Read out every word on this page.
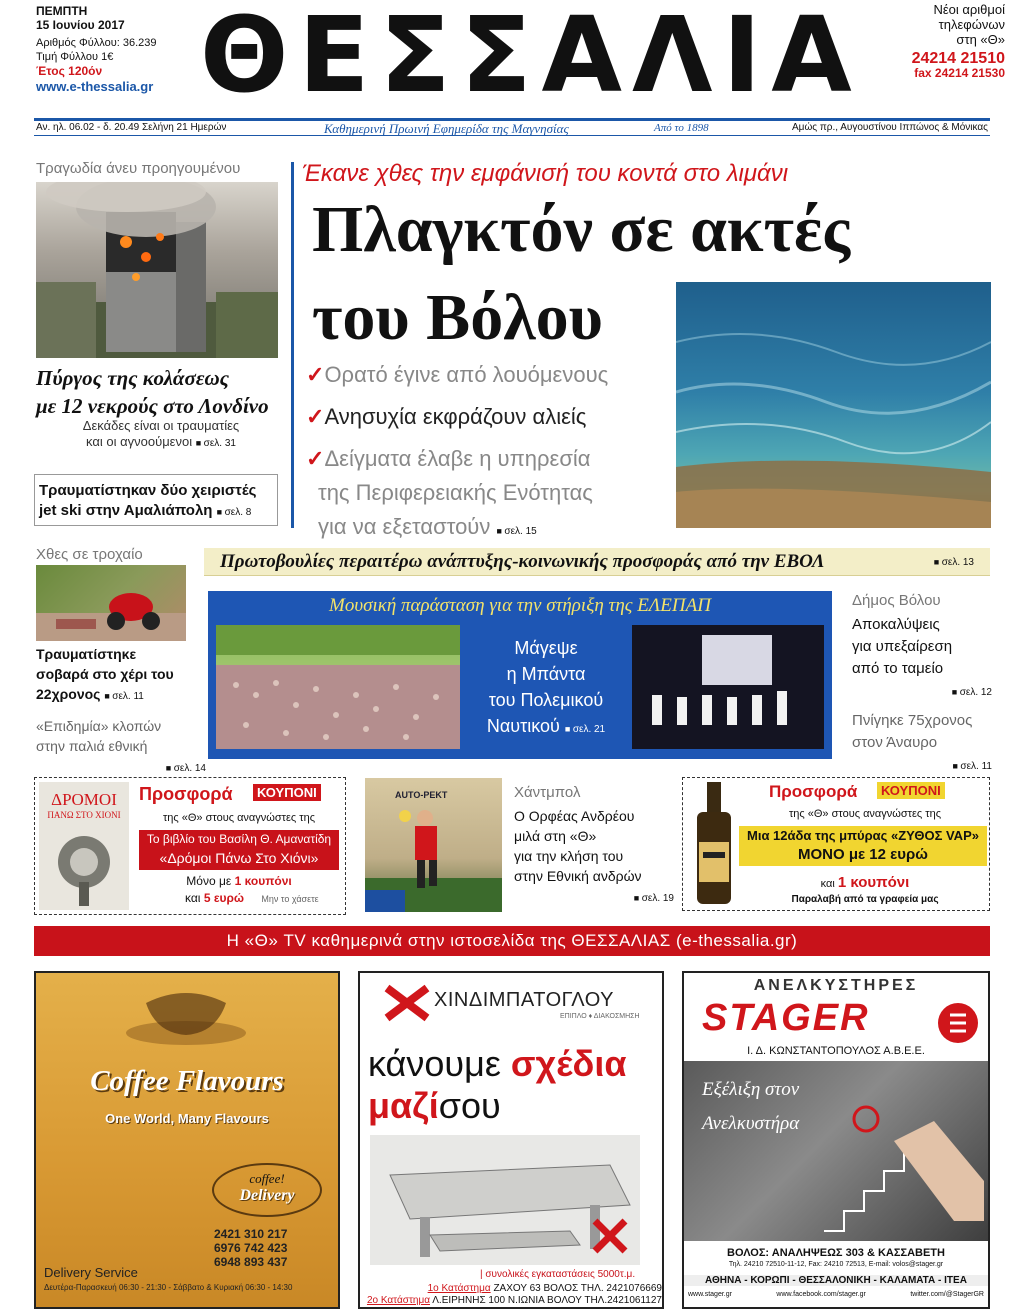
ΠΕΜΠΤΗ
15 Ιουνίου 2017
Αριθμός Φύλλου: 36.239
Τιμή Φύλλου 1€
Έτος 120όν
www.e-thessalia.gr ΘΕΣΣΑΛΙΑ	Νέοι αριθμοί
τηλεφώνων
στη «Θ»
24214 21510
fax 24214 21530
Αν. ηλ. 06.02 - δ. 20.49 Σελήνη 21 Ημερών	Καθημερινή Πρωινή Εφημερίδα της Μαγνησίας	Από το 1898	Αμώς πρ., Αυγουστίνου Ιππώνος & Μόνικας
Τραγωδία άνευ προηγουμένου
Πύργος της κολάσεως
με 12 νεκρούς στο Λονδίνο
Δεκάδες είναι οι τραυματίες
και οι αγνοούμενοι ■ σελ. 31
Τραυματίστηκαν δύο χειριστές
jet ski στην Αμαλιάπολη ■ σελ. 8
Έκανε χθες την εμφάνισή του κοντά στο λιμάνι
Πλαγκτόν σε ακτές
του Βόλου
✓Ορατό έγινε από λουόμενους
✓Ανησυχία εκφράζουν αλιείς
✓Δείγματα έλαβε η υπηρεσία
της Περιφερειακής Ενότητας
για να εξεταστούν ■ σελ. 15
Χθες σε τροχαίο
Τραυματίστηκε
σοβαρά στο χέρι του
22χρονος ■ σελ. 11
«Επιδημία» κλοπών
στην παλιά εθνική
■ σελ. 14
Πρωτοβουλίες περαιτέρω ανάπτυξης-κοινωνικής προσφοράς από την ΕΒΟΛ	■ σελ. 13
Μουσική παράσταση για την στήριξη της ΕΛΕΠΑΠ
Μάγεψε
η Μπάντα
του Πολεμικού
Ναυτικού ■ σελ. 21
Δήμος Βόλου
Αποκαλύψεις
για υπεξαίρεση
από το ταμείο
■ σελ. 12
Πνίγηκε 75χρονος
στον Άναυρο
■ σελ. 11
ΔΡΟΜΟΙ
ΠΑΝΩ ΣΤΟ ΧΙΟΝΙ
Προσφορά	ΚΟΥΠΟΝΙ
της «Θ» στους αναγνώστες της
Το βιβλίο του Βασίλη Θ. Αμανατίδη
«Δρόμοι Πάνω Στο Χιόνι»
Μόνο με 1 κουπόνι
και 5 ευρώ Μην το χάσετε
AUTO-PEKT	Χάντμπολ
Ο Ορφέας Ανδρέου
μιλά στη «Θ»
για την κλήση του
στην Εθνική ανδρών
■ σελ. 19
Προσφορά	ΚΟΥΠΟΝΙ
της «Θ» στους αναγνώστες της
Μια 12άδα της μπύρας «ΖΥΘΟΣ VAP»
ΜΟΝΟ με 12 ευρώ
και 1 κουπόνι
Παραλαβή από τα γραφεία μας
Η «Θ» TV καθημερινά στην ιστοσελίδα της ΘΕΣΣΑΛΙΑΣ (e-thessalia.gr)
Coffee Flavours
One World, Many Flavours
coffee!
Delivery
2421 310 217
6976 742 423
6948 893 437
Delivery Service
Δευτέρα-Παρασκευή 06:30 - 21:30 - Σάββατο & Κυριακή 06:30 - 14:30
ΧΙΝΔΙΜΠΑΤΟΓΛΟΥ
ΕΠΙΠΛΟ ♦ ΔΙΑΚΟΣΜΗΣΗ
κάνουμε σχέδια
μαζίσου
| συνολικές εγκαταστάσεις 5000τ.μ.
1ο Κατάστημα ΖΑΧΟΥ 63 ΒΟΛΟΣ ΤΗΛ. 2421076669
2ο Κατάστημα Λ.ΕΙΡΗΝΗΣ 100 Ν.ΙΩΝΙΑ ΒΟΛΟΥ ΤΗΛ.2421061127
ΑΝΕΛΚΥΣΤΗΡΕΣ
STAGER
Ι. Δ. ΚΩΝΣΤΑΝΤΟΠΟΥΛΟΣ Α.Β.Ε.Ε.
Εξέλιξη στον
Ανελκυστήρα
ΒΟΛΟΣ: ΑΝΑΛΗΨΕΩΣ 303 & ΚΑΣΣΑΒΕΤΗ
Τηλ. 24210 72510-11-12, Fax: 24210 72513, E-mail: volos@stager.gr
ΑΘΗΝΑ - ΚΟΡΩΠΙ - ΘΕΣΣΑΛΟΝΙΚΗ - ΚΑΛΑΜΑΤΑ - ΙΤΕΑ
www.stager.gr	www.facebook.com/stager.gr	twitter.com/@StagerGR
